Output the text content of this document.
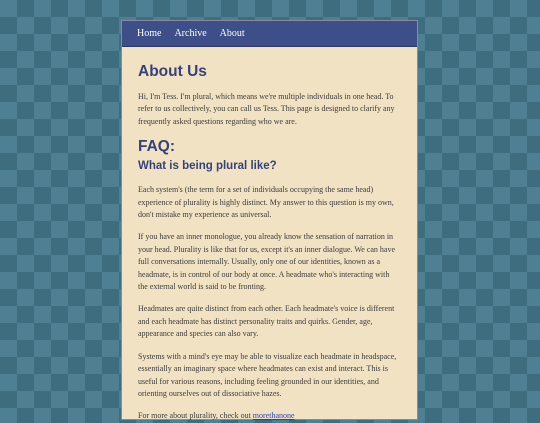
Home Archive About
About Us

Hi, I'm Tess. I'm plural, which means we're multiple individuals in one head. To refer to us collectively, you can call us Tess. This page is designed to clarify any frequently asked questions regarding who we are.

FAQ:
What is being plural like?

Each system's (the term for a set of individuals occupying the same head) experience of plurality is highly distinct. My answer to this question is my own, don't mistake my experience as universal.

If you have an inner monologue, you already know the sensation of narration in your head. Plurality is like that for us, except it's an inner dialogue. We can have full conversations internally. Usually, only one of our identities, known as a headmate, is in control of our body at once. A headmate who's interacting with the external world is said to be fronting.

Headmates are quite distinct from each other. Each headmate's voice is different and each headmate has distinct personality traits and quirks. Gender, age, appearance and species can also vary.

Systems with a mind's eye may be able to visualize each headmate in headspace, essentially an imaginary space where headmates can exist and interact. This is useful for various reasons, including feeling grounded in our identities, and orienting ourselves out of dissociative hazes.

For more about plurality, check out morethanone
